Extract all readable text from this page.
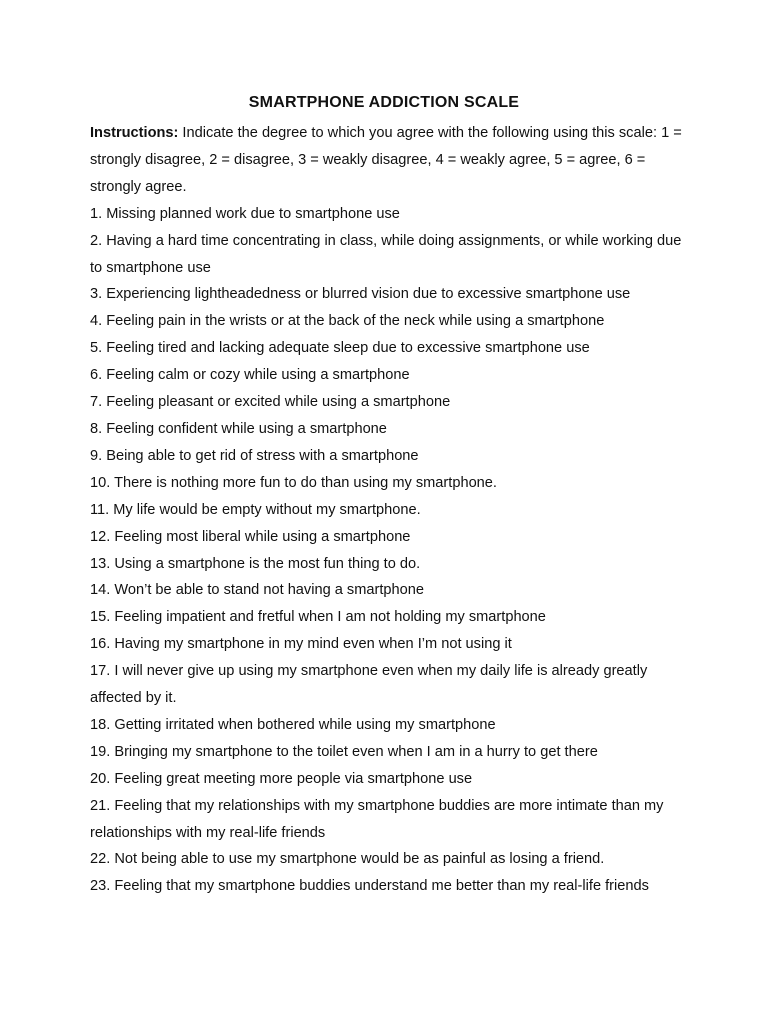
SMARTPHONE ADDICTION SCALE

Instructions: Indicate the degree to which you agree with the following using this scale: 1 = strongly disagree, 2 = disagree, 3 = weakly disagree, 4 = weakly agree, 5 = agree, 6 = strongly agree.

1. Missing planned work due to smartphone use
2. Having a hard time concentrating in class, while doing assignments, or while working due to smartphone use
3. Experiencing lightheadedness or blurred vision due to excessive smartphone use
4. Feeling pain in the wrists or at the back of the neck while using a smartphone
5. Feeling tired and lacking adequate sleep due to excessive smartphone use
6. Feeling calm or cozy while using a smartphone
7. Feeling pleasant or excited while using a smartphone
8. Feeling confident while using a smartphone
9. Being able to get rid of stress with a smartphone
10. There is nothing more fun to do than using my smartphone.
11. My life would be empty without my smartphone.
12. Feeling most liberal while using a smartphone
13. Using a smartphone is the most fun thing to do.
14. Won’t be able to stand not having a smartphone
15. Feeling impatient and fretful when I am not holding my smartphone
16. Having my smartphone in my mind even when I’m not using it
17. I will never give up using my smartphone even when my daily life is already greatly affected by it.
18. Getting irritated when bothered while using my smartphone
19. Bringing my smartphone to the toilet even when I am in a hurry to get there
20. Feeling great meeting more people via smartphone use
21. Feeling that my relationships with my smartphone buddies are more intimate than my relationships with my real-life friends
22. Not being able to use my smartphone would be as painful as losing a friend.
23. Feeling that my smartphone buddies understand me better than my real-life friends
